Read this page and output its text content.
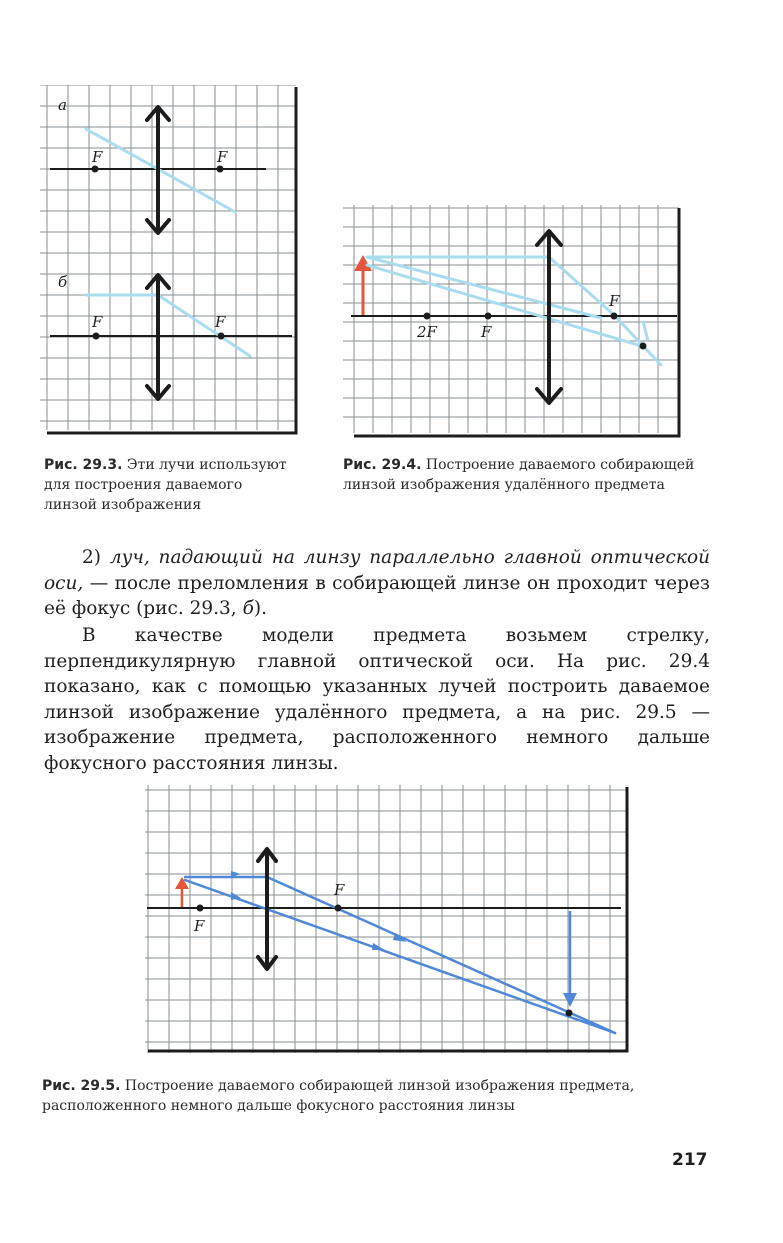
а
F	F
б
F	F

Рис. 29.3. Эти лучи используют для построения даваемого линзой изображения

2F	F
F

Рис. 29.4. Построение даваемого собирающей линзой изображения удалённого предмета

2) луч, падающий на линзу параллельно главной оптической оси, — после преломления в собирающей линзе он проходит через её фокус (рис. 29.3, б).

В качестве модели предмета возьмем стрелку, перпендикулярную главной оптической оси. На рис. 29.4 показано, как с помощью указанных лучей построить даваемое линзой изображение удалённого предмета, а на рис. 29.5 — изображение предмета, расположенного немного дальше фокусного расстояния линзы.

F
F

Рис. 29.5. Построение даваемого собирающей линзой изображения предмета, расположенного немного дальше фокусного расстояния линзы

217
